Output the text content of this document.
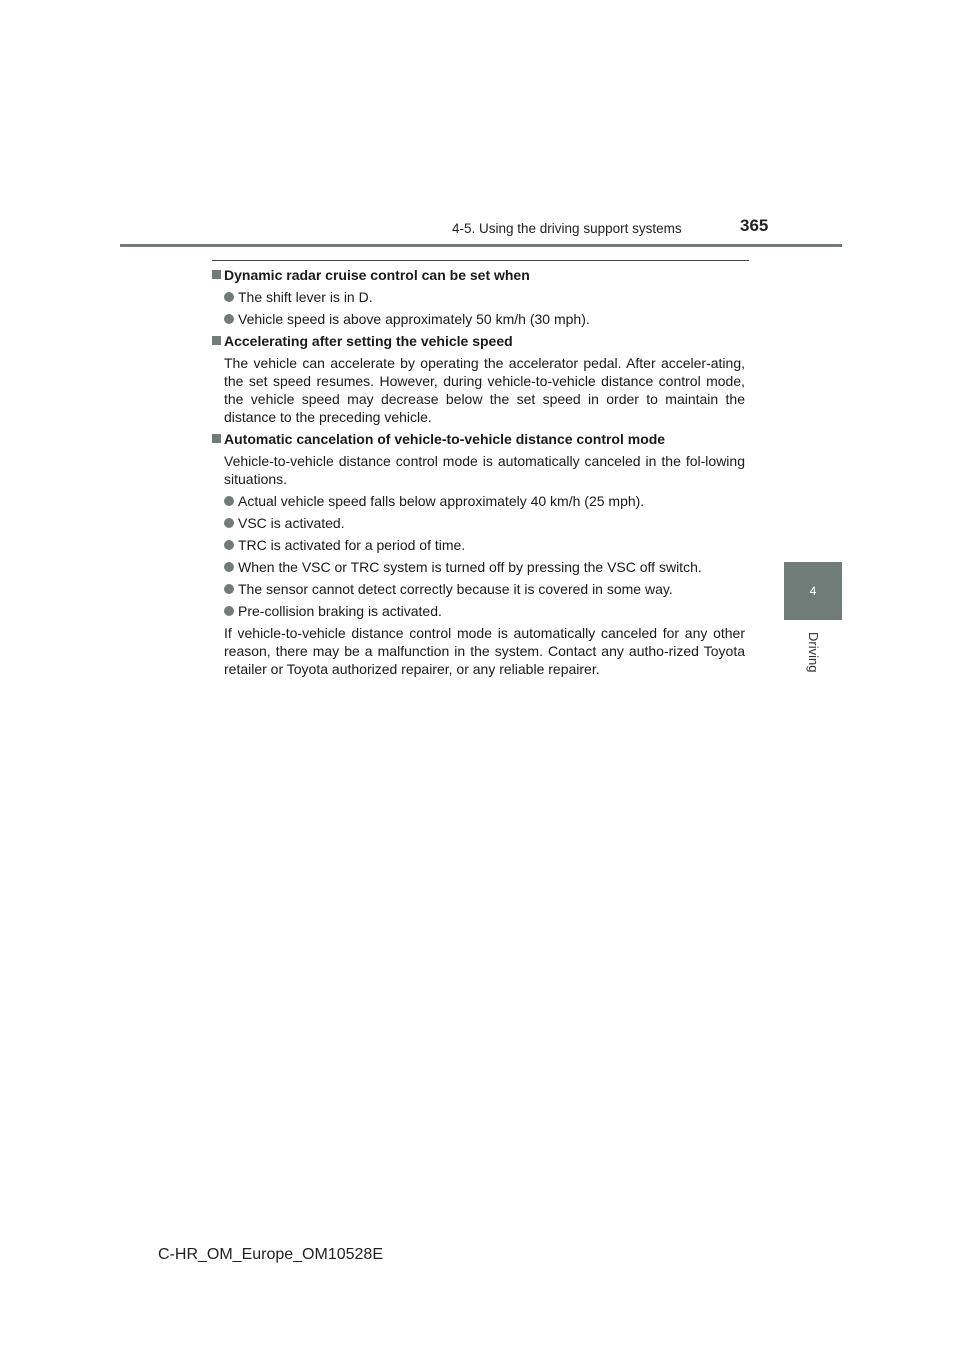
4-5. Using the driving support systems	365
4
Driving
Dynamic radar cruise control can be set when
The shift lever is in D.
Vehicle speed is above approximately 50 km/h (30 mph).
Accelerating after setting the vehicle speed
The vehicle can accelerate by operating the accelerator pedal. After acceler-ating, the set speed resumes. However, during vehicle-to-vehicle distance control mode, the vehicle speed may decrease below the set speed in order to maintain the distance to the preceding vehicle.
Automatic cancelation of vehicle-to-vehicle distance control mode
Vehicle-to-vehicle distance control mode is automatically canceled in the fol-lowing situations.
Actual vehicle speed falls below approximately 40 km/h (25 mph).
VSC is activated.
TRC is activated for a period of time.
When the VSC or TRC system is turned off by pressing the VSC off switch.
The sensor cannot detect correctly because it is covered in some way.
Pre-collision braking is activated.
If vehicle-to-vehicle distance control mode is automatically canceled for any other reason, there may be a malfunction in the system. Contact any autho-rized Toyota retailer or Toyota authorized repairer, or any reliable repairer.
C-HR_OM_Europe_OM10528E
